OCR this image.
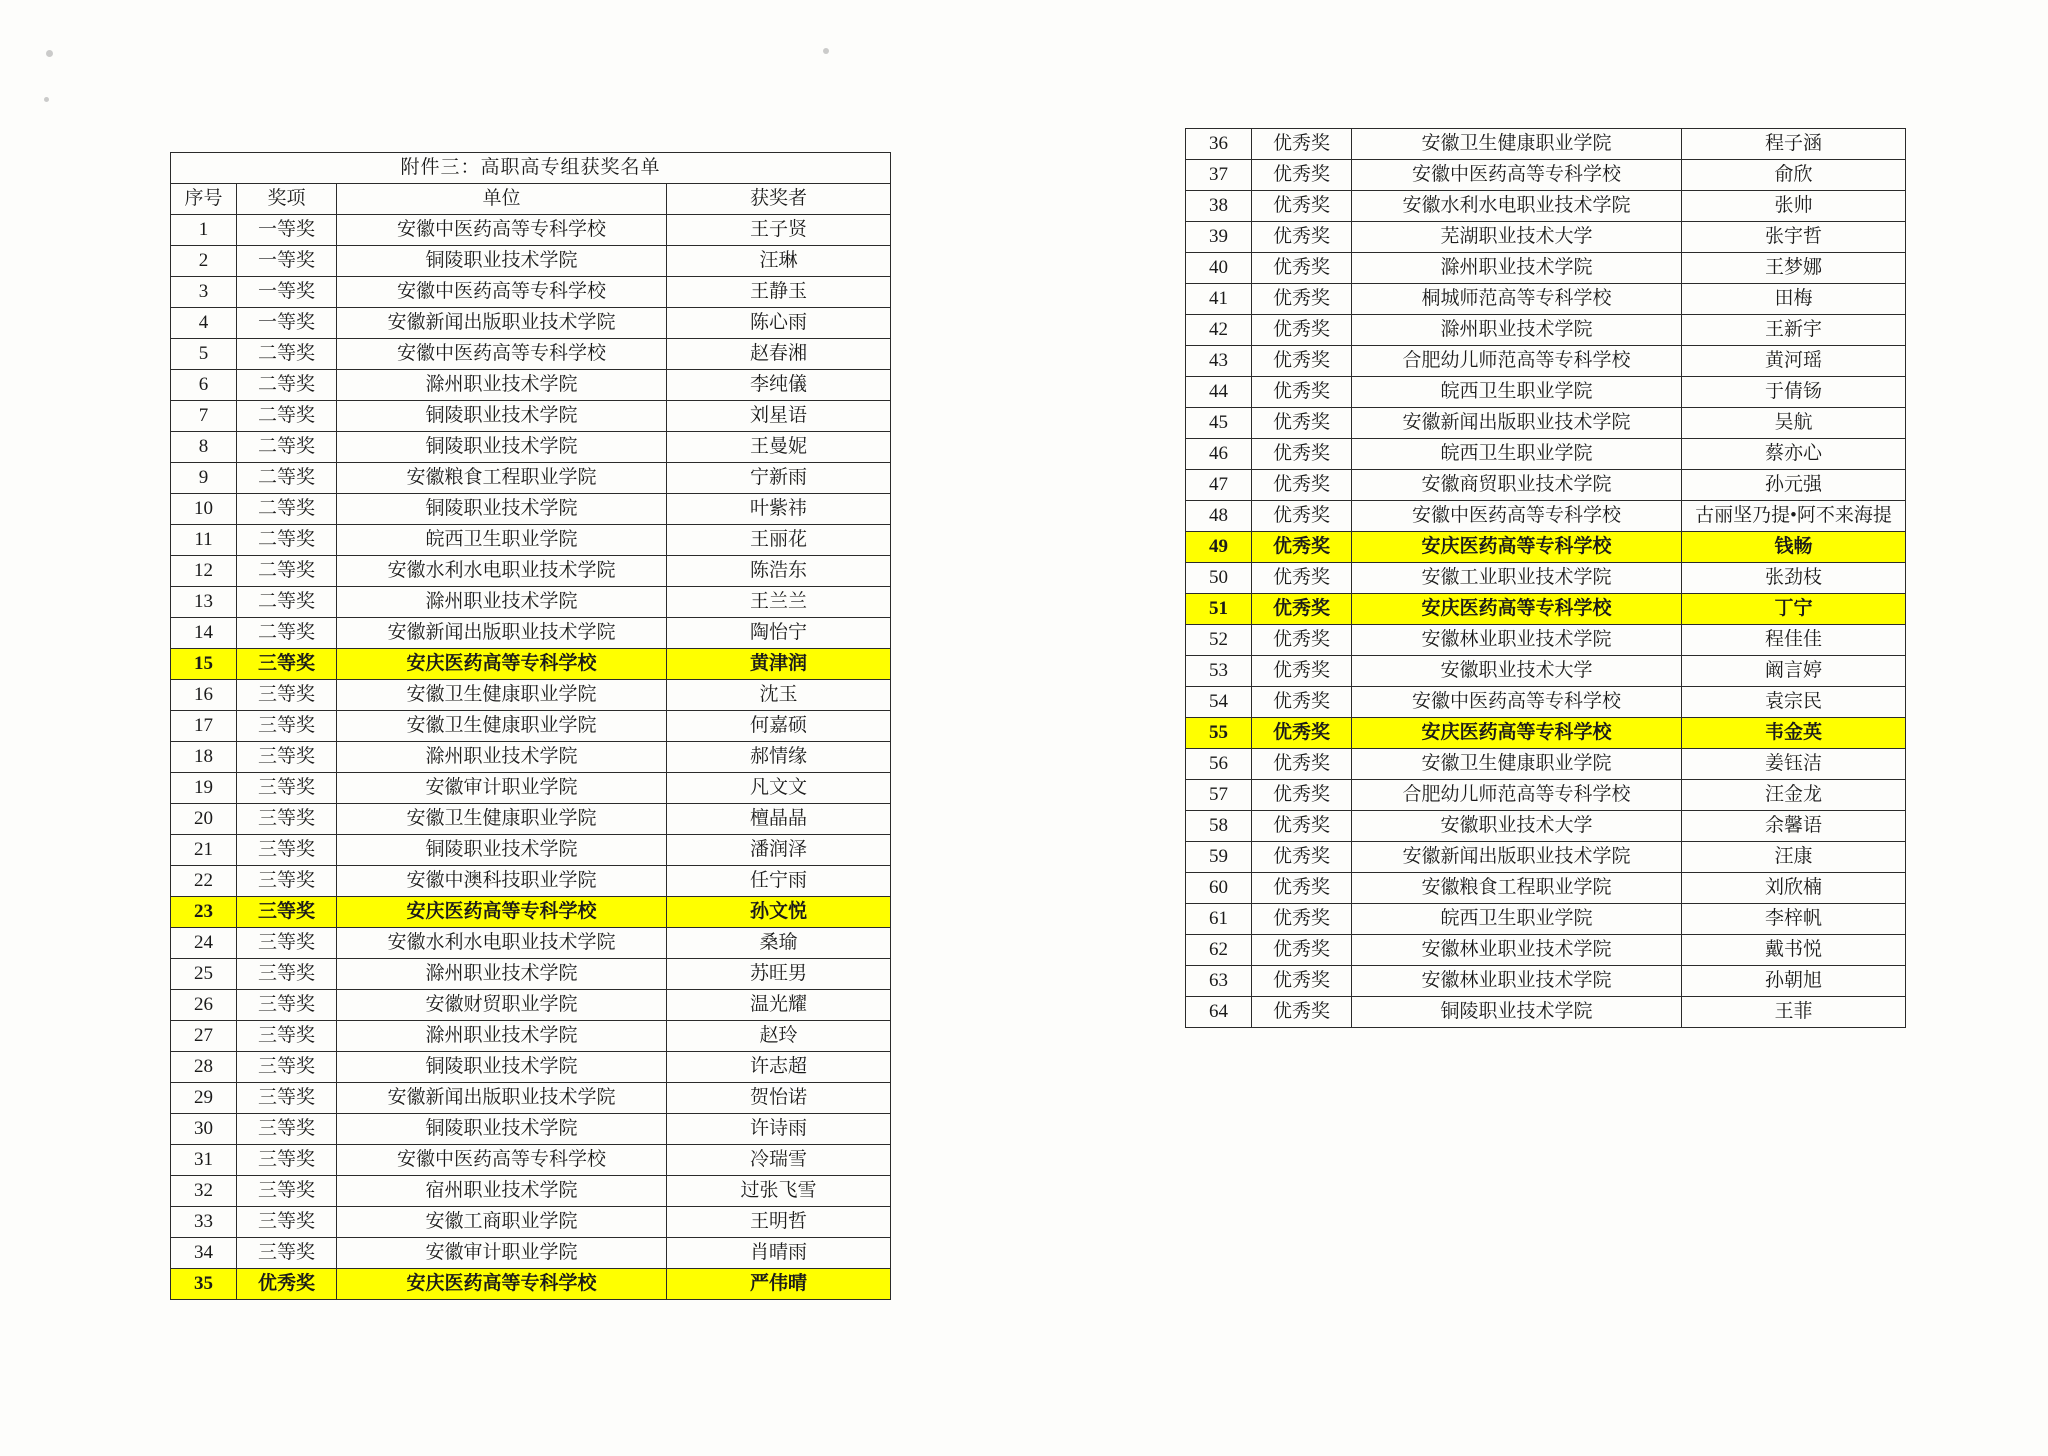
附件三：高职高专组获奖名单			
序号	奖项	单位	获奖者
1	一等奖	安徽中医药高等专科学校	王子贤
2	一等奖	铜陵职业技术学院	汪琳
3	一等奖	安徽中医药高等专科学校	王静玉
4	一等奖	安徽新闻出版职业技术学院	陈心雨
5	二等奖	安徽中医药高等专科学校	赵春湘
6	二等奖	滁州职业技术学院	李纯儀
7	二等奖	铜陵职业技术学院	刘星语
8	二等奖	铜陵职业技术学院	王曼妮
9	二等奖	安徽粮食工程职业学院	宁新雨
10	二等奖	铜陵职业技术学院	叶紫祎
11	二等奖	皖西卫生职业学院	王丽花
12	二等奖	安徽水利水电职业技术学院	陈浩东
13	二等奖	滁州职业技术学院	王兰兰
14	二等奖	安徽新闻出版职业技术学院	陶怡宁
15	三等奖	安庆医药高等专科学校	黄津润
16	三等奖	安徽卫生健康职业学院	沈玉
17	三等奖	安徽卫生健康职业学院	何嘉硕
18	三等奖	滁州职业技术学院	郝情缘
19	三等奖	安徽审计职业学院	凡文文
20	三等奖	安徽卫生健康职业学院	檀晶晶
21	三等奖	铜陵职业技术学院	潘润泽
22	三等奖	安徽中澳科技职业学院	任宁雨
23	三等奖	安庆医药高等专科学校	孙文悦
24	三等奖	安徽水利水电职业技术学院	桑瑜
25	三等奖	滁州职业技术学院	苏旺男
26	三等奖	安徽财贸职业学院	温光耀
27	三等奖	滁州职业技术学院	赵玲
28	三等奖	铜陵职业技术学院	许志超
29	三等奖	安徽新闻出版职业技术学院	贺怡诺
30	三等奖	铜陵职业技术学院	许诗雨
31	三等奖	安徽中医药高等专科学校	冷瑞雪
32	三等奖	宿州职业技术学院	过张飞雪
33	三等奖	安徽工商职业学院	王明哲
34	三等奖	安徽审计职业学院	肖晴雨
35	优秀奖	安庆医药高等专科学校	严伟晴
36	优秀奖	安徽卫生健康职业学院	程子涵
37	优秀奖	安徽中医药高等专科学校	俞欣
38	优秀奖	安徽水利水电职业技术学院	张帅
39	优秀奖	芜湖职业技术大学	张宇哲
40	优秀奖	滁州职业技术学院	王梦娜
41	优秀奖	桐城师范高等专科学校	田梅
42	优秀奖	滁州职业技术学院	王新宇
43	优秀奖	合肥幼儿师范高等专科学校	黄河瑶
44	优秀奖	皖西卫生职业学院	于倩钖
45	优秀奖	安徽新闻出版职业技术学院	吴航
46	优秀奖	皖西卫生职业学院	蔡亦心
47	优秀奖	安徽商贸职业技术学院	孙元强
48	优秀奖	安徽中医药高等专科学校	古丽坚乃提•阿不来海提
49	优秀奖	安庆医药高等专科学校	钱畅
50	优秀奖	安徽工业职业技术学院	张劲枝
51	优秀奖	安庆医药高等专科学校	丁宁
52	优秀奖	安徽林业职业技术学院	程佳佳
53	优秀奖	安徽职业技术大学	阚言婷
54	优秀奖	安徽中医药高等专科学校	袁宗民
55	优秀奖	安庆医药高等专科学校	韦金英
56	优秀奖	安徽卫生健康职业学院	姜钰洁
57	优秀奖	合肥幼儿师范高等专科学校	汪金龙
58	优秀奖	安徽职业技术大学	余馨语
59	优秀奖	安徽新闻出版职业技术学院	汪康
60	优秀奖	安徽粮食工程职业学院	刘欣楠
61	优秀奖	皖西卫生职业学院	李梓帆
62	优秀奖	安徽林业职业技术学院	戴书悦
63	优秀奖	安徽林业职业技术学院	孙朝旭
64	优秀奖	铜陵职业技术学院	王菲
